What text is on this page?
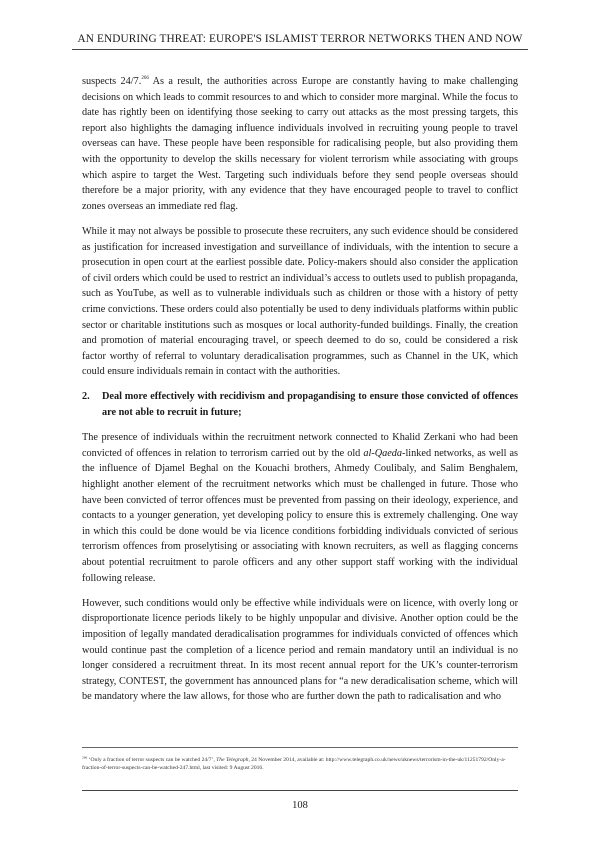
AN ENDURING THREAT: EUROPE'S ISLAMIST TERROR NETWORKS THEN AND NOW

suspects 24/7.$^{266}$ As a result, the authorities across Europe are constantly having to make challenging decisions on which leads to commit resources to and which to consider more marginal. While the focus to date has rightly been on identifying those seeking to carry out attacks as the most pressing targets, this report also highlights the damaging influence individuals involved in recruiting young people to travel overseas can have. These people have been responsible for radicalising people, but also providing them with the opportunity to develop the skills necessary for violent terrorism while associating with groups which aspire to target the West. Targeting such individuals before they send people overseas should therefore be a major priority, with any evidence that they have encouraged people to travel to conflict zones overseas an immediate red flag.

While it may not always be possible to prosecute these recruiters, any such evidence should be considered as justification for increased investigation and surveillance of individuals, with the intention to secure a prosecution in open court at the earliest possible date. Policy-makers should also consider the application of civil orders which could be used to restrict an individual’s access to outlets used to publish propaganda, such as YouTube, as well as to vulnerable individuals such as children or those with a history of petty crime convictions. These orders could also potentially be used to deny individuals platforms within public sector or charitable institutions such as mosques or local authority-funded buildings. Finally, the creation and promotion of material encouraging travel, or speech deemed to do so, could be considered a risk factor worthy of referral to voluntary deradicalisation programmes, such as Channel in the UK, which could ensure individuals remain in contact with the authorities.

2.	Deal more effectively with recidivism and propagandising to ensure those convicted of offences are not able to recruit in future;

The presence of individuals within the recruitment network connected to Khalid Zerkani who had been convicted of offences in relation to terrorism carried out by the old al-Qaeda-linked networks, as well as the influence of Djamel Beghal on the Kouachi brothers, Ahmedy Coulibaly, and Salim Benghalem, highlight another element of the recruitment networks which must be challenged in future. Those who have been convicted of terror offences must be prevented from passing on their ideology, experience, and contacts to a younger generation, yet developing policy to ensure this is extremely challenging. One way in which this could be done would be via licence conditions forbidding individuals convicted of serious terrorism offences from proselytising or associating with known recruiters, as well as flagging concerns about potential recruitment to parole officers and any other support staff working with the individual following release.

However, such conditions would only be effective while individuals were on licence, with overly long or disproportionate licence periods likely to be highly unpopular and divisive. Another option could be the imposition of legally mandated deradicalisation programmes for individuals convicted of offences which would continue past the completion of a licence period and remain mandatory until an individual is no longer considered a recruitment threat. In its most recent annual report for the UK’s counter-terrorism strategy, CONTEST, the government has announced plans for “a new deradicalisation scheme, which will be mandatory where the law allows, for those who are further down the path to radicalisation and who

$^{266}$ ‘Only a fraction of terror suspects can be watched 24/7’, The Telegraph, 24 November 2014, available at: http://www.telegraph.co.uk/news/uknews/terrorism-in-the-uk/11251792/Only-a-fraction-of-terror-suspects-can-be-watched-247.html, last visited: 9 August 2016.
108
